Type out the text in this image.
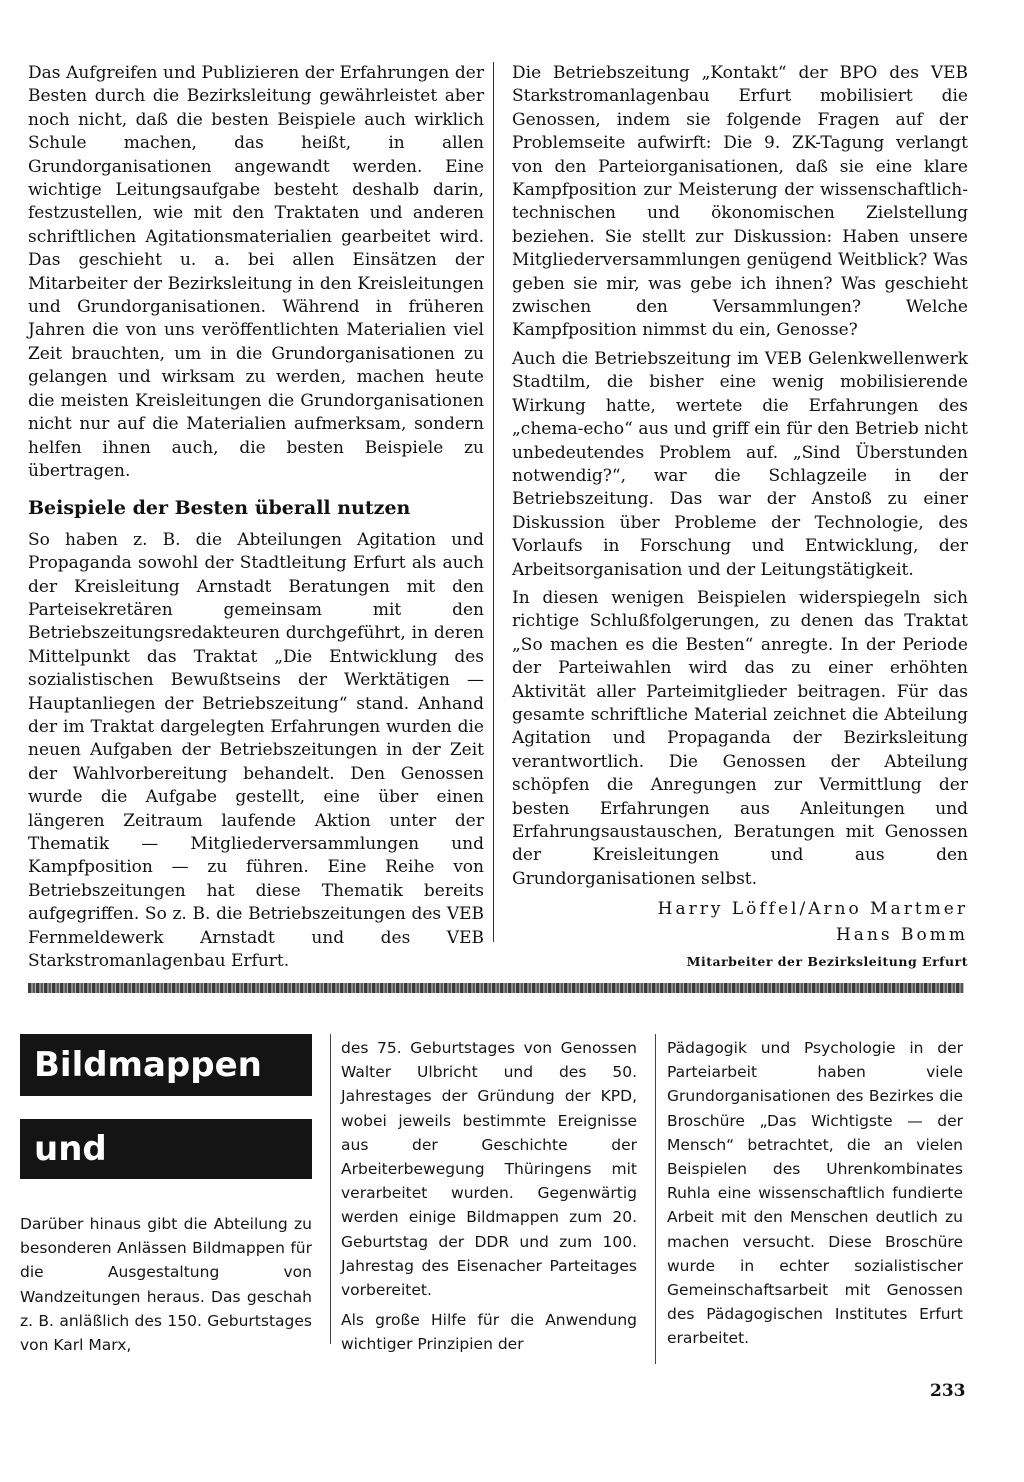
Das Aufgreifen und Publizieren der Erfahrungen der Besten durch die Bezirksleitung gewährleistet aber noch nicht, daß die besten Beispiele auch wirklich Schule machen, das heißt, in allen Grundorganisationen angewandt werden. Eine wichtige Leitungsaufgabe besteht deshalb darin, festzustellen, wie mit den Traktaten und anderen schriftlichen Agitationsmaterialien gearbeitet wird. Das geschieht u. a. bei allen Einsätzen der Mitarbeiter der Bezirksleitung in den Kreisleitungen und Grundorganisationen. Während in früheren Jahren die von uns veröffentlichten Materialien viel Zeit brauchten, um in die Grundorganisationen zu gelangen und wirksam zu werden, machen heute die meisten Kreisleitungen die Grundorganisationen nicht nur auf die Materialien aufmerksam, sondern helfen ihnen auch, die besten Beispiele zu übertragen.

Beispiele der Besten überall nutzen

So haben z. B. die Abteilungen Agitation und Propaganda sowohl der Stadtleitung Erfurt als auch der Kreisleitung Arnstadt Beratungen mit den Parteisekretären gemeinsam mit den Betriebszeitungsredakteuren durchgeführt, in deren Mittelpunkt das Traktat „Die Entwicklung des sozialistischen Bewußtseins der Werktätigen — Hauptanliegen der Betriebszeitung“ stand. Anhand der im Traktat dargelegten Erfahrungen wurden die neuen Aufgaben der Betriebszeitungen in der Zeit der Wahlvorbereitung behandelt. Den Genossen wurde die Aufgabe gestellt, eine über einen längeren Zeitraum laufende Aktion unter der Thematik — Mitgliederversammlungen und Kampfposition — zu führen. Eine Reihe von Betriebszeitungen hat diese Thematik bereits aufgegriffen. So z. B. die Betriebszeitungen des VEB Fernmeldewerk Arnstadt und des VEB Starkstromanlagenbau Erfurt.

Die Betriebszeitung „Kontakt“ der BPO des VEB Starkstromanlagenbau Erfurt mobilisiert die Genossen, indem sie folgende Fragen auf der Problemseite aufwirft: Die 9. ZK-Tagung verlangt von den Parteiorganisationen, daß sie eine klare Kampfposition zur Meisterung der wissenschaftlich-technischen und ökonomischen Zielstellung beziehen. Sie stellt zur Diskussion: Haben unsere Mitgliederversammlungen genügend Weitblick? Was geben sie mir, was gebe ich ihnen? Was geschieht zwischen den Versammlungen? Welche Kampfposition nimmst du ein, Genosse?

Auch die Betriebszeitung im VEB Gelenkwellenwerk Stadtilm, die bisher eine wenig mobilisierende Wirkung hatte, wertete die Erfahrungen des „chema-echo“ aus und griff ein für den Betrieb nicht unbedeutendes Problem auf. „Sind Überstunden notwendig?“, war die Schlagzeile in der Betriebszeitung. Das war der Anstoß zu einer Diskussion über Probleme der Technologie, des Vorlaufs in Forschung und Entwicklung, der Arbeitsorganisation und der Leitungstätigkeit.

In diesen wenigen Beispielen widerspiegeln sich richtige Schlußfolgerungen, zu denen das Traktat „So machen es die Besten“ anregte. In der Periode der Parteiwahlen wird das zu einer erhöhten Aktivität aller Parteimitglieder beitragen. Für das gesamte schriftliche Material zeichnet die Abteilung Agitation und Propaganda der Bezirksleitung verantwortlich. Die Genossen der Abteilung schöpfen die Anregungen zur Vermittlung der besten Erfahrungen aus Anleitungen und Erfahrungsaustauschen, Beratungen mit Genossen der Kreisleitungen und aus den Grundorganisationen selbst.

Harry Löffel/Arno Martmer
Hans Bomm
Mitarbeiter der Bezirksleitung Erfurt
Bildmappen
und Broschüren

Darüber hinaus gibt die Abteilung zu besonderen Anlässen Bildmappen für die Ausgestaltung von Wandzeitungen heraus. Das geschah z. B. anläßlich des 150. Geburtstages von Karl Marx,

des 75. Geburtstages von Genossen Walter Ulbricht und des 50. Jahrestages der Gründung der KPD, wobei jeweils bestimmte Ereignisse aus der Geschichte der Arbeiterbewegung Thüringens mit verarbeitet wurden. Gegenwärtig werden einige Bildmappen zum 20. Geburtstag der DDR und zum 100. Jahrestag des Eisenacher Parteitages vorbereitet.

Als große Hilfe für die Anwendung wichtiger Prinzipien der

Pädagogik und Psychologie in der Parteiarbeit haben viele Grundorganisationen des Bezirkes die Broschüre „Das Wichtigste — der Mensch“ betrachtet, die an vielen Beispielen des Uhrenkombinates Ruhla eine wissenschaftlich fundierte Arbeit mit den Menschen deutlich zu machen versucht. Diese Broschüre wurde in echter sozialistischer Gemeinschaftsarbeit mit Genossen des Pädagogischen Institutes Erfurt erarbeitet.

233
